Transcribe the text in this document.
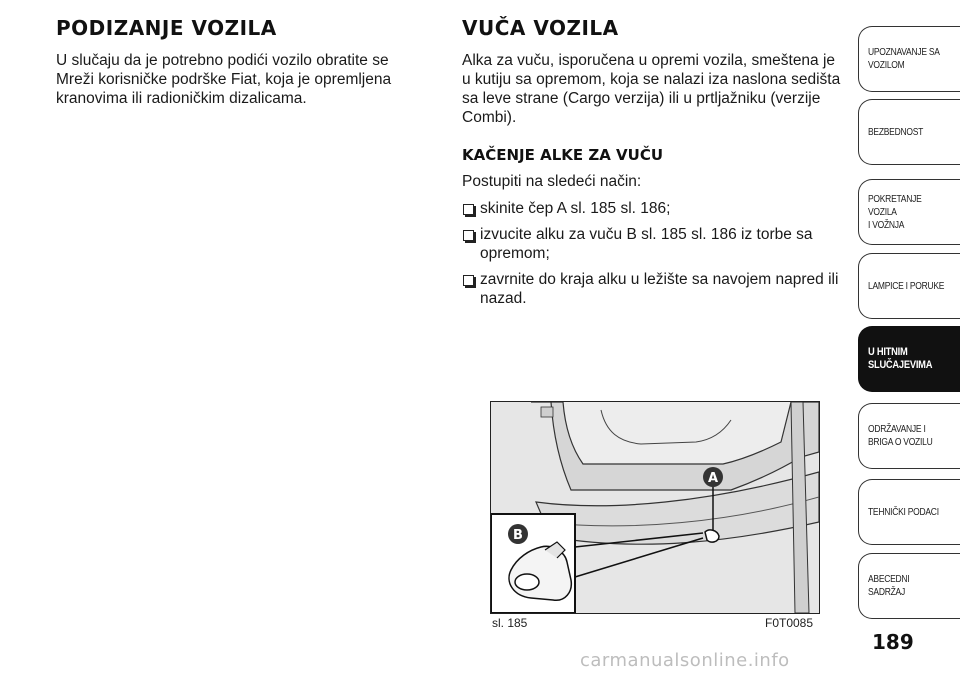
PODIZANJE VOZILA

U slučaju da je potrebno podići vozilo obratite se Mreži korisničke podrške Fiat, koja je opremljena kranovima ili radioničkim dizalicama.

VUČA VOZILA

Alka za vuču, isporučena u opremi vozila, smeštena je u kutiju sa opremom, koja se nalazi iza naslona sedišta sa leve strane (Cargo verzija) ili u prtljažniku (verzije Combi).

KAČENJE ALKE ZA VUČU

Postupiti na sledeći način:

skinite čep A sl. 185 sl. 186;
izvucite alku za vuču B sl. 185 sl. 186 iz torbe sa opremom;
zavrnite do kraja alku u ležište sa navojem napred ili nazad.
A
B
sl. 185	F0T0085
UPOZNAVANJE SA
VOZILOM
BEZBEDNOST
POKRETANJE VOZILA
I VOŽNJA
LAMPICE I PORUKE
U HITNIM
SLUČAJEVIMA
ODRŽAVANJE I
BRIGA O VOZILU
TEHNIČKI PODACI
ABECEDNI SADRŽAJ
189
carmanualsonline.info
